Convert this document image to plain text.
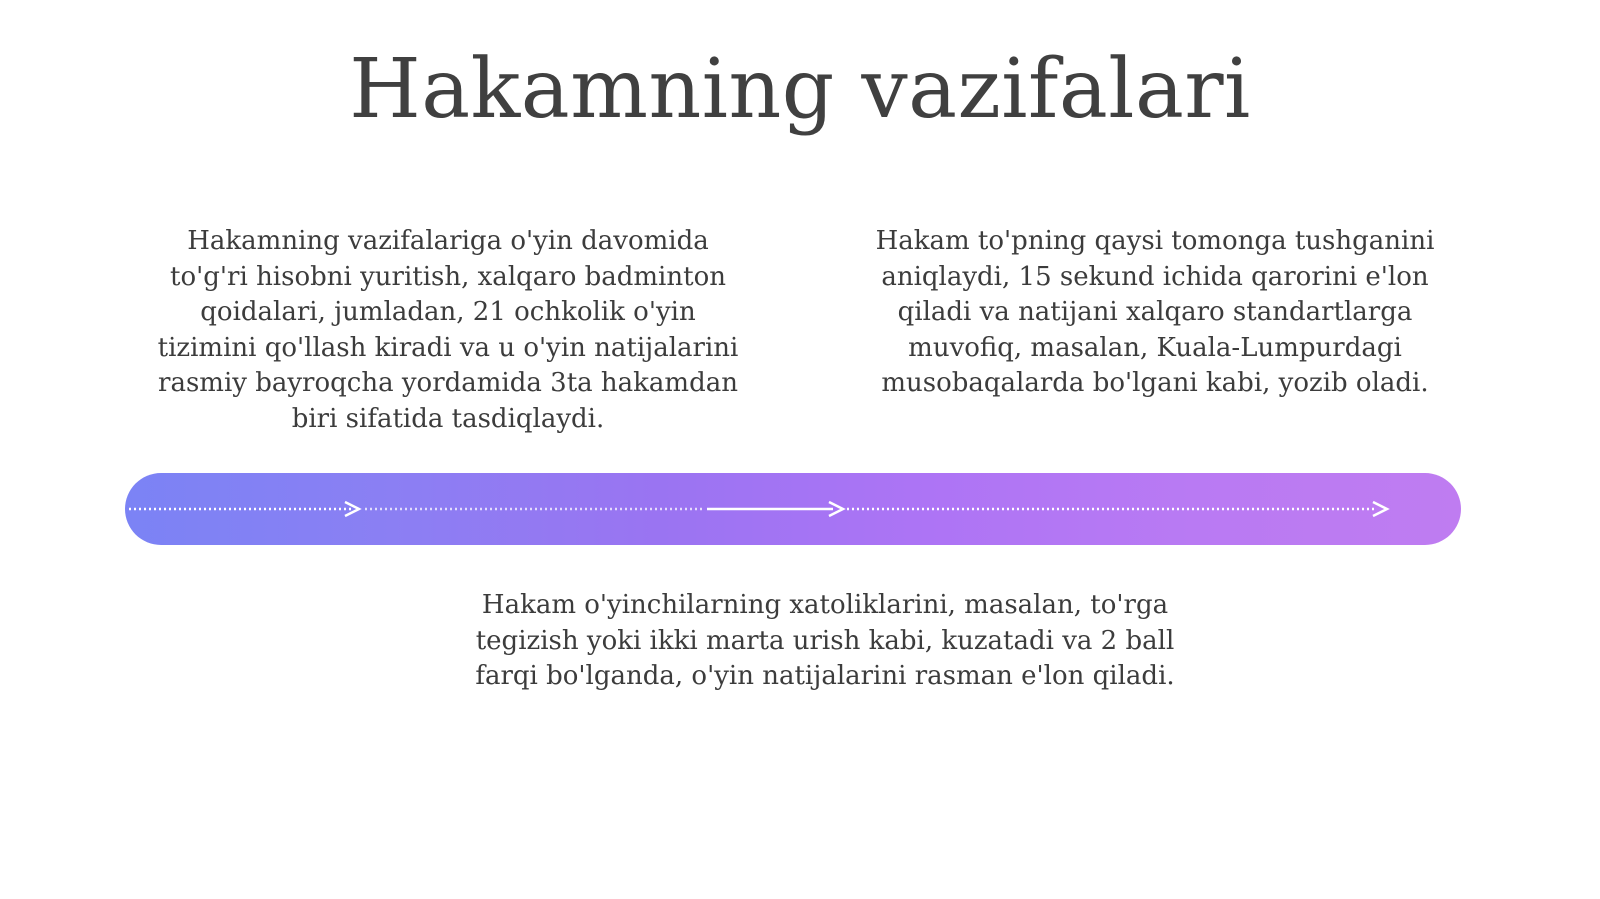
Hakamning vazifalari
Hakamning vazifalariga o'yin davomida to'g'ri hisobni yuritish, xalqaro badminton qoidalari, jumladan, 21 ochkolik o'yin tizimini qo'llash kiradi va u o'yin natijalarini rasmiy bayroqcha yordamida 3ta hakamdan biri sifatida tasdiqlaydi.
Hakam to'pning qaysi tomonga tushganini aniqlaydi, 15 sekund ichida qarorini e'lon qiladi va natijani xalqaro standartlarga muvofiq, masalan, Kuala-Lumpurdagi musobaqalarda bo'lgani kabi, yozib oladi.
Hakam o'yinchilarning xatoliklarini, masalan, to'rga tegizish yoki ikki marta urish kabi, kuzatadi va 2 ball farqi bo'lganda, o'yin natijalarini rasman e'lon qiladi.
